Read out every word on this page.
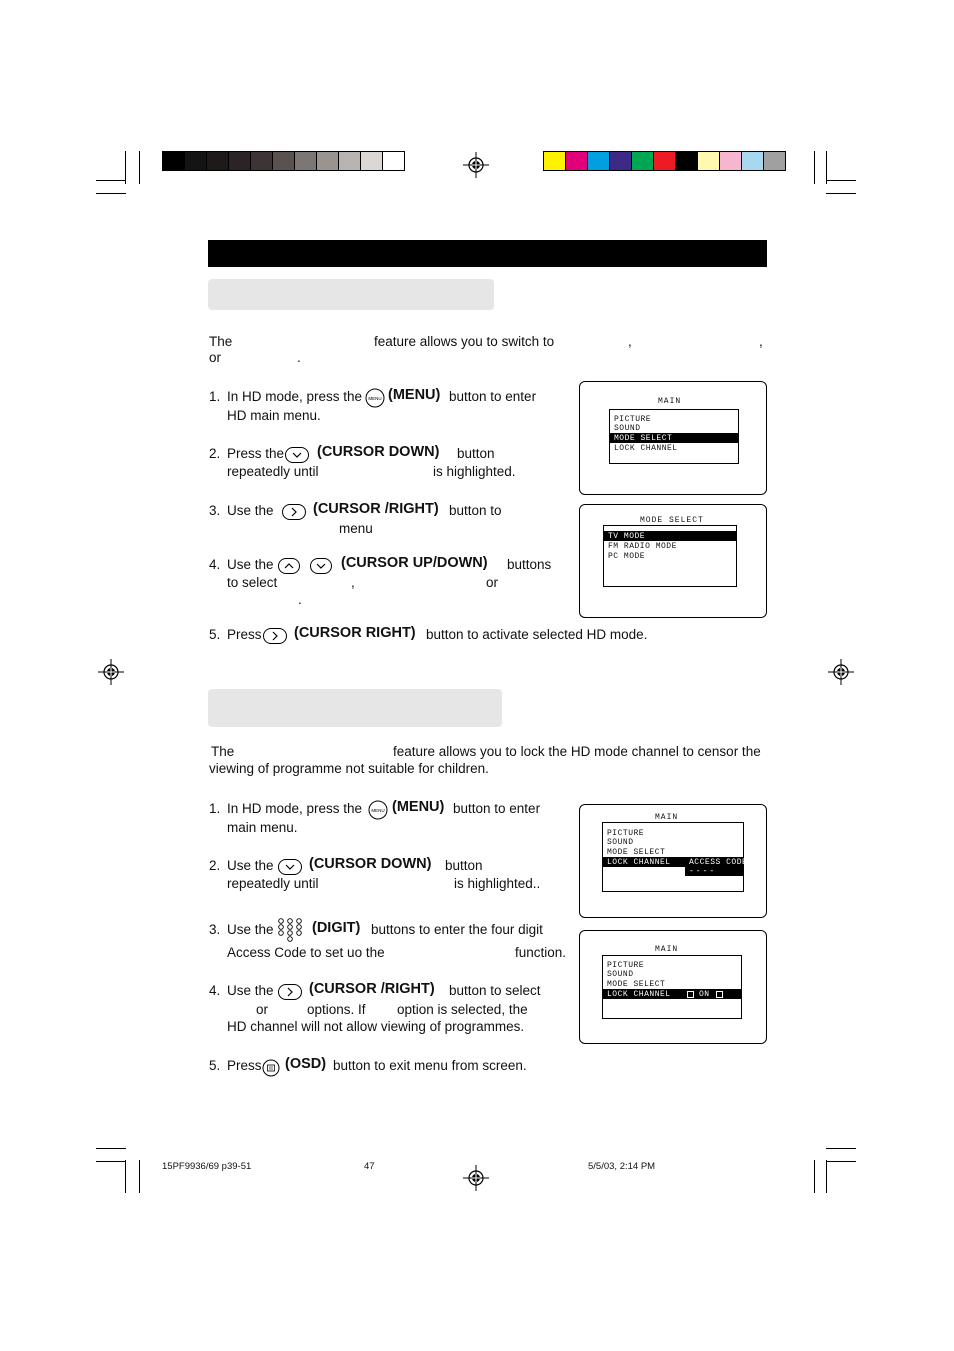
The	feature allows you to switch to	,	,
or	.
1. In HD mode, press the MENU (MENU) button to enter
HD main menu.
2. Press the (CURSOR DOWN) button
repeatedly until	is highlighted.
3. Use the	(CURSOR /RIGHT) button to
menu
4. Use the	(CURSOR UP/DOWN) buttons
to select	,	or
.
5. Press (CURSOR RIGHT) button to activate selected HD mode.
MAIN
PICTURE
SOUND
MODE SELECT
LOCK CHANNEL
MODE SELECT
TV MODE
FM RADIO MODE
PC MODE
The	feature allows you to lock the HD mode channel to censor the
viewing of programme not suitable for children.
1. In HD mode, press the MENU (MENU) button to enter
main menu.
2. Use the (CURSOR DOWN) button
repeatedly until	is highlighted..
3. Use the	(DIGIT) buttons to enter the four digit
Access Code to set uo the	function.
4. Use the (CURSOR /RIGHT) button to select
or	options. If option is selected, the
HD channel will not allow viewing of programmes.
5. Press (OSD) button to exit menu from screen.
MAIN
PICTURE
SOUND
MODE SELECT
LOCK CHANNEL ACCESS CODE
----
MAIN
PICTURE
SOUND
MODE SELECT
LOCK CHANNEL	ON
15PF9936/69 p39-51	47	5/5/03, 2:14 PM
